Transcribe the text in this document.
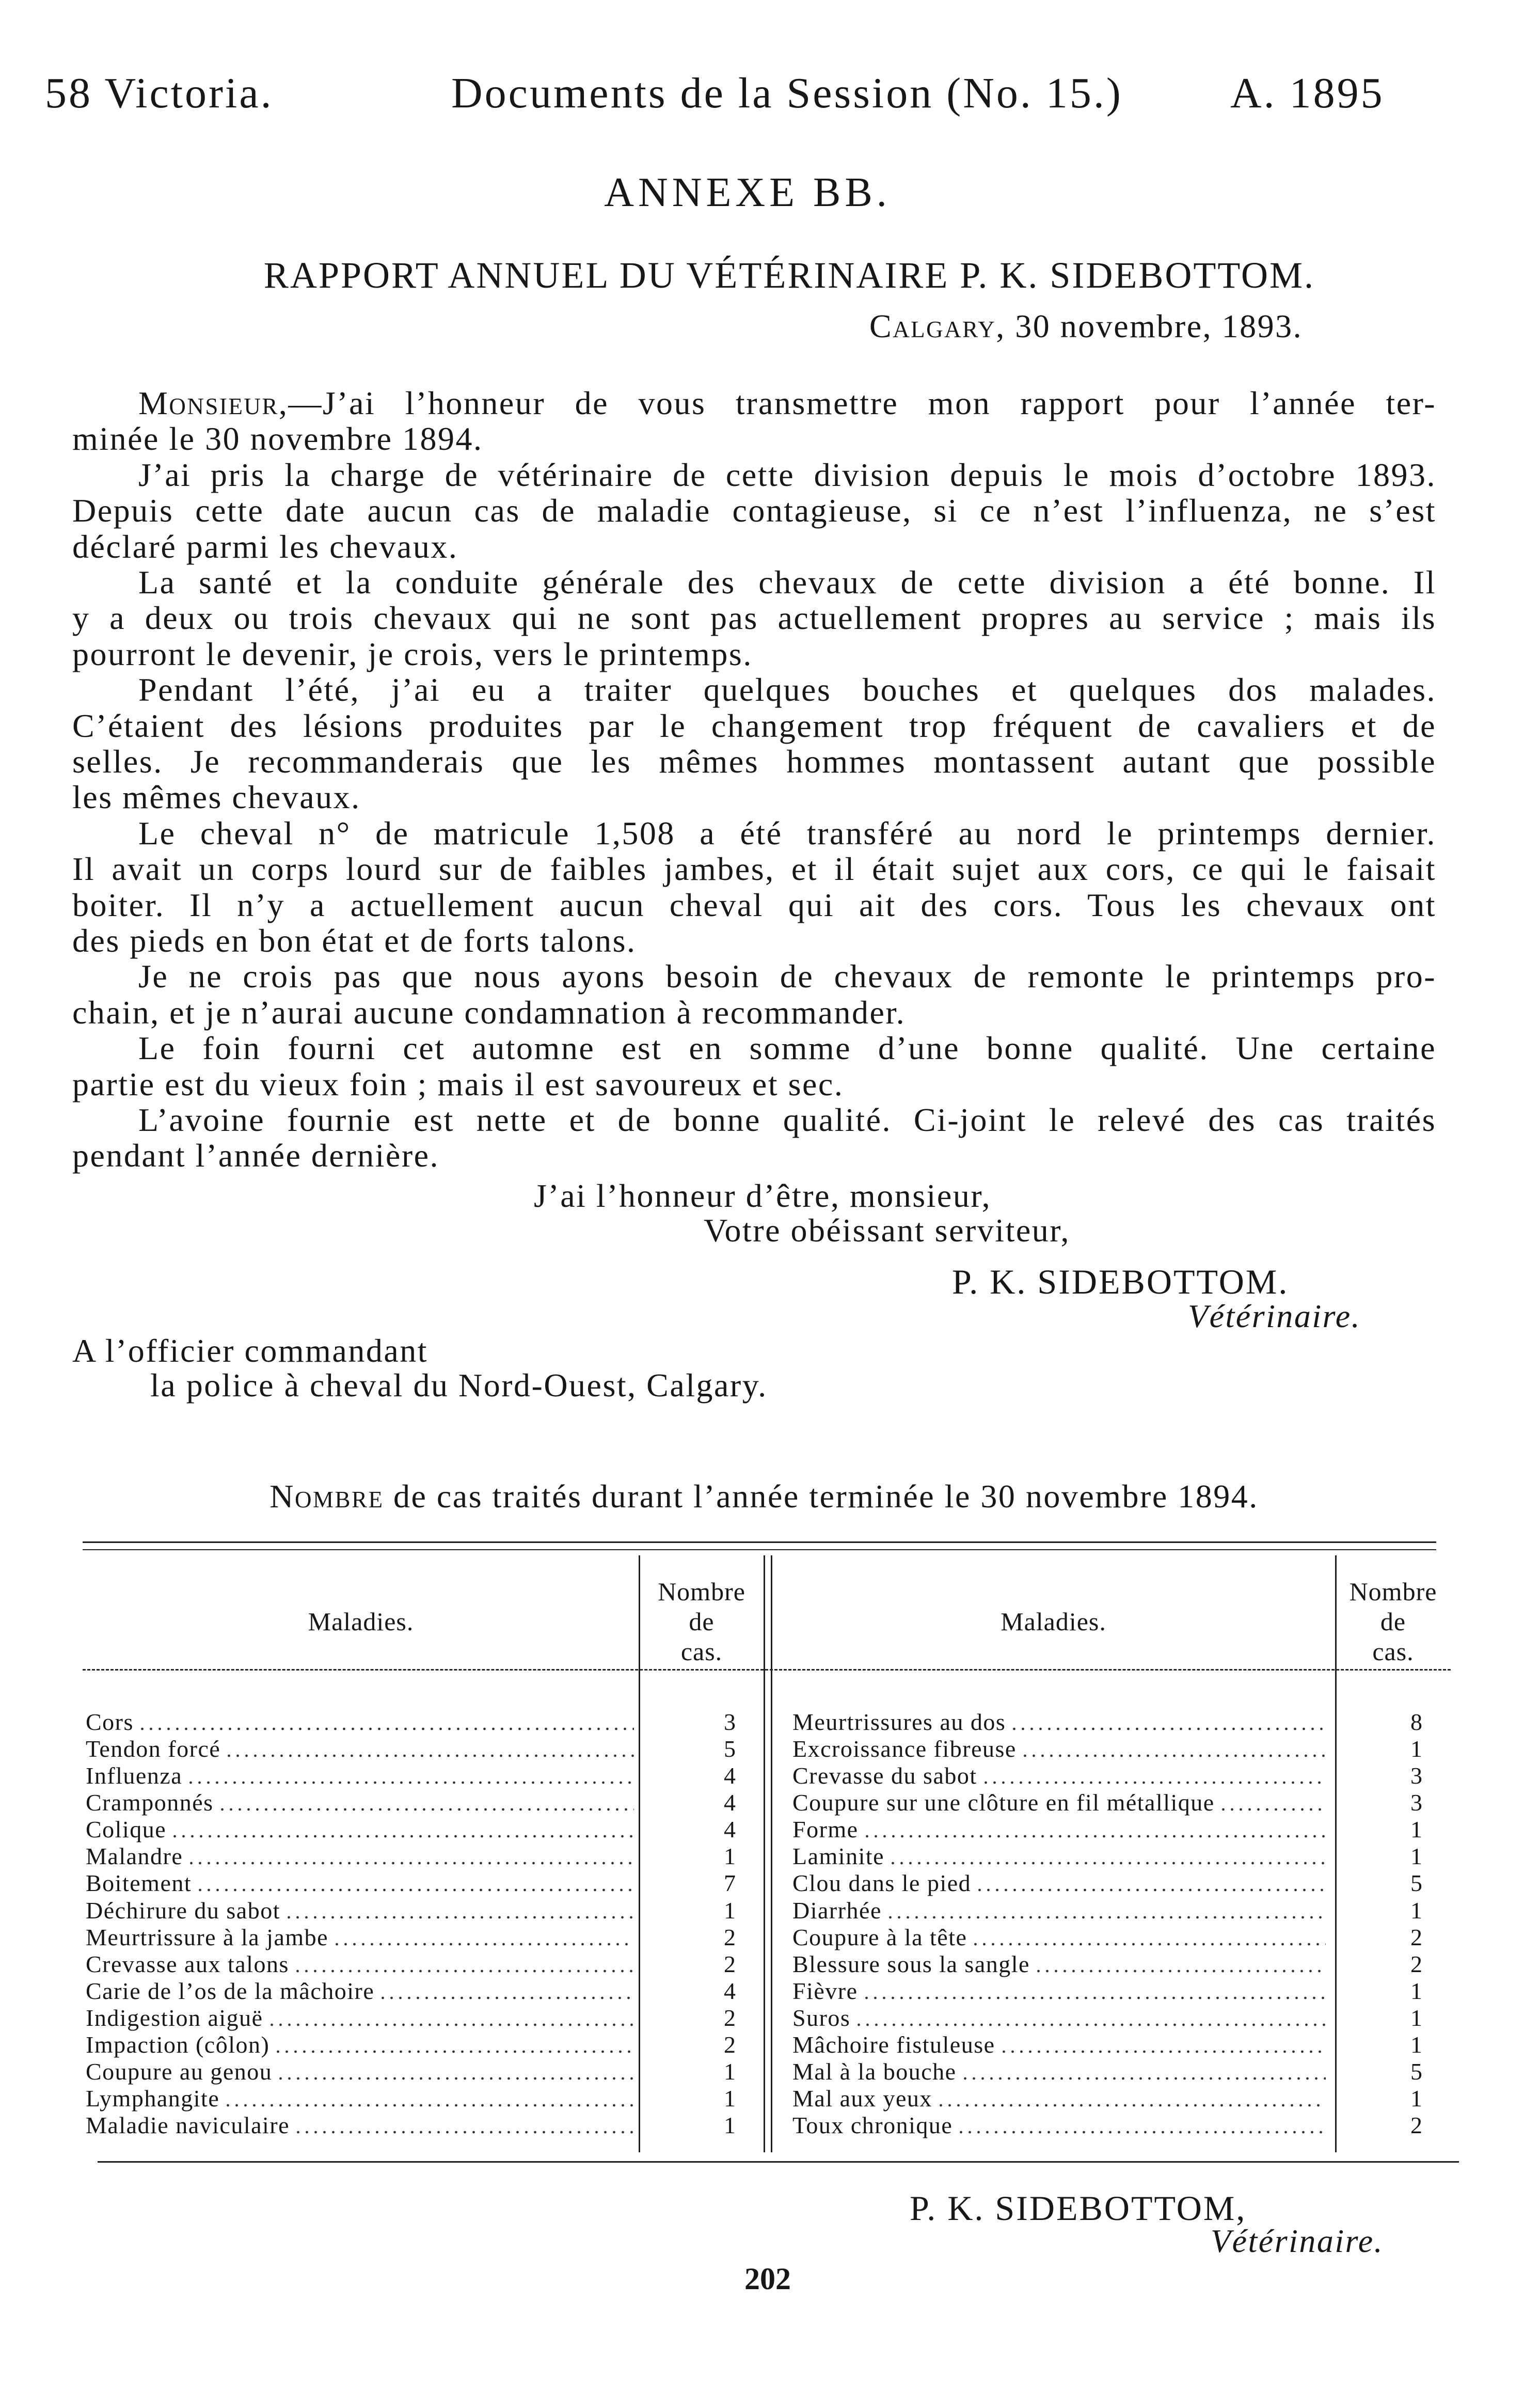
58 Victoria.	Documents de la Session (No. 15.) A. 1895
ANNEXE BB.
RAPPORT ANNUEL DU VÉTÉRINAIRE P. K. SIDEBOTTOM.
Calgary, 30 novembre, 1893.
Monsieur,—J’ai l’honneur de vous transmettre mon rapport pour l’année ter-
minée le 30 novembre 1894.
J’ai pris la charge de vétérinaire de cette division depuis le mois d’octobre 1893.
Depuis cette date aucun cas de maladie contagieuse, si ce n’est l’influenza, ne s’est
déclaré parmi les chevaux.
La santé et la conduite générale des chevaux de cette division a été bonne. Il
y a deux ou trois chevaux qui ne sont pas actuellement propres au service ; mais ils
pourront le devenir, je crois, vers le printemps.
Pendant l’été, j’ai eu a traiter quelques bouches et quelques dos malades.
C’étaient des lésions produites par le changement trop fréquent de cavaliers et de
selles. Je recommanderais que les mêmes hommes montassent autant que possible
les mêmes chevaux.
Le cheval n° de matricule 1,508 a été transféré au nord le printemps dernier.
Il avait un corps lourd sur de faibles jambes, et il était sujet aux cors, ce qui le faisait
boiter. Il n’y a actuellement aucun cheval qui ait des cors. Tous les chevaux ont
des pieds en bon état et de forts talons.
Je ne crois pas que nous ayons besoin de chevaux de remonte le printemps pro-
chain, et je n’aurai aucune condamnation à recommander.
Le foin fourni cet automne est en somme d’une bonne qualité. Une certaine
partie est du vieux foin ; mais il est savoureux et sec.
L’avoine fournie est nette et de bonne qualité. Ci-joint le relevé des cas traités
pendant l’année dernière.
J’ai l’honneur d’être, monsieur,
Votre obéissant serviteur,
P. K. SIDEBOTTOM.
Vétérinaire.
A l’officier commandant
la police à cheval du Nord-Ouest, Calgary.
Nombre de cas traités durant l’année terminée le 30 novembre 1894.
Maladies.
Nombre
de
cas.
Maladies.
Nombre
de
cas.
Cors	3
Tendon forcé	5
Influenza	4
Cramponnés	4
Colique	4
Malandre	1
Boitement	7
Déchirure du sabot	1
Meurtrissure à la jambe	2
Crevasse aux talons	2
Carie de l’os de la mâchoire	4
Indigestion aiguë	2
Impaction (côlon)	2
Coupure au genou	1
Lymphangite	1
Maladie naviculaire	1
Meurtrissures au dos	8
Excroissance fibreuse	1
Crevasse du sabot	3
Coupure sur une clôture en fil métallique	3
Forme	1
Laminite	1
Clou dans le pied	5
Diarrhée	1
Coupure à la tête	2
Blessure sous la sangle	2
Fièvre	1
Suros	1
Mâchoire fistuleuse	1
Mal à la bouche	5
Mal aux yeux	1
Toux chronique	2
P. K. SIDEBOTTOM,
Vétérinaire.
202
